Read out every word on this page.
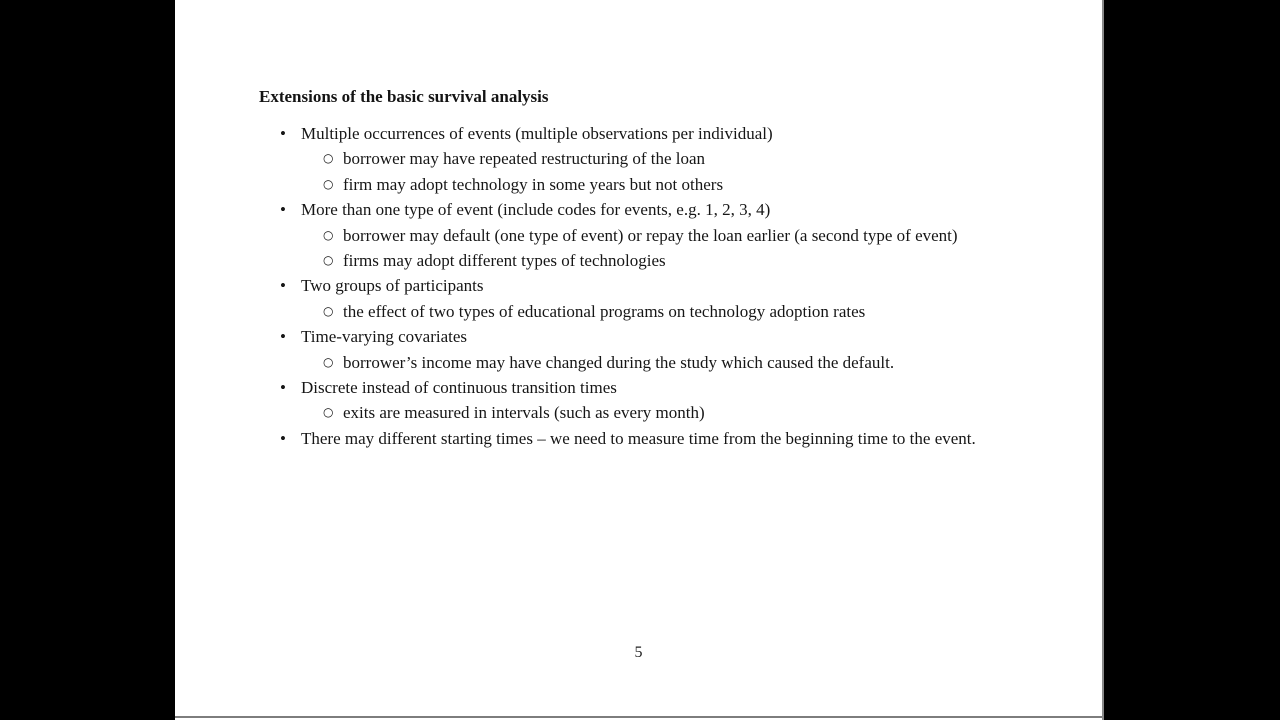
Extensions of the basic survival analysis
• Multiple occurrences of events (multiple observations per individual)
○ borrower may have repeated restructuring of the loan
○ firm may adopt technology in some years but not others
• More than one type of event (include codes for events, e.g. 1, 2, 3, 4)
○ borrower may default (one type of event) or repay the loan earlier (a second type of event)
○ firms may adopt different types of technologies
• Two groups of participants
○ the effect of two types of educational programs on technology adoption rates
• Time-varying covariates
○ borrower’s income may have changed during the study which caused the default.
• Discrete instead of continuous transition times
○ exits are measured in intervals (such as every month)
• There may different starting times – we need to measure time from the beginning time to the event.
5
